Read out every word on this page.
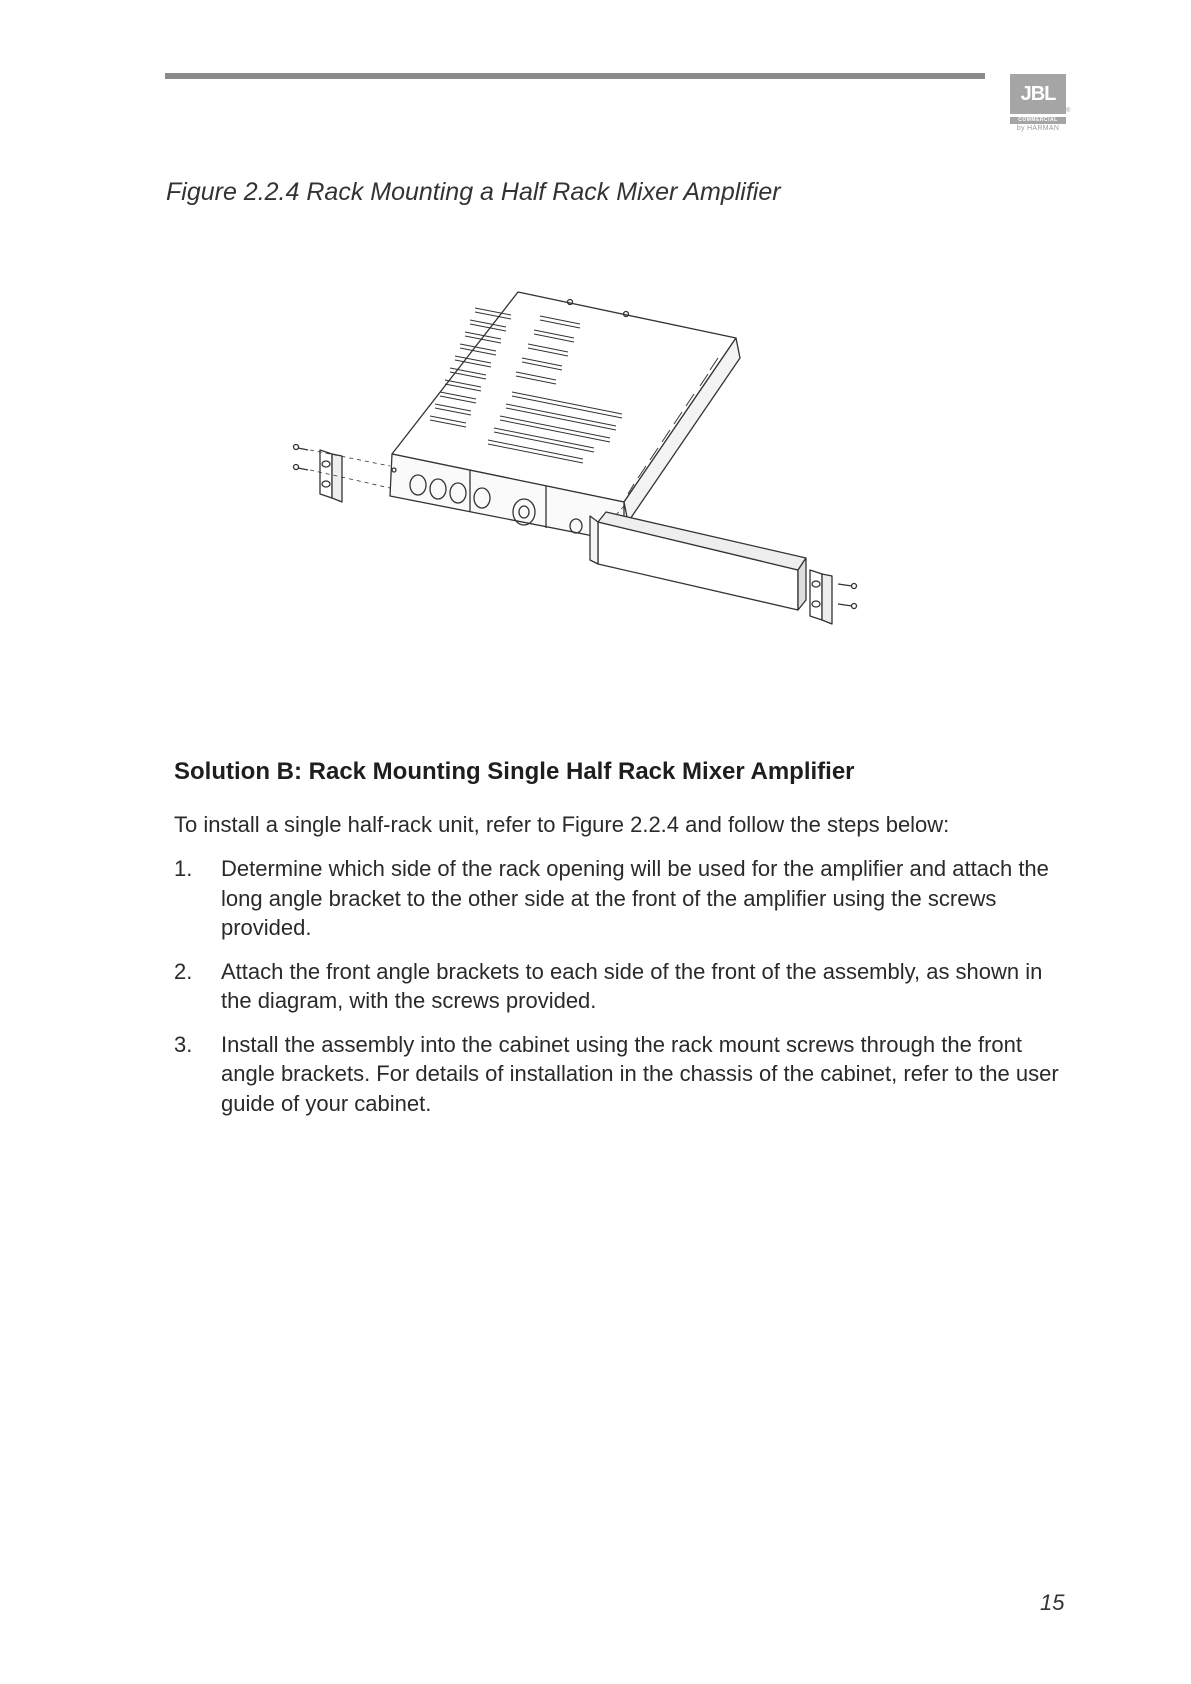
JBL
COMMERCIAL
by HARMAN
®
Figure 2.2.4 Rack Mounting a Half Rack Mixer Amplifier
Solution B: Rack Mounting Single Half Rack Mixer Amplifier
To install a single half-rack unit, refer to Figure 2.2.4 and follow the steps below:
1. Determine which side of the rack opening will be used for the amplifier and attach the long angle bracket to the other side at the front of the amplifier using the screws provided.
2. Attach the front angle brackets to each side of the front of the assembly, as shown in the diagram, with the screws provided.
3. Install the assembly into the cabinet using the rack mount screws through the front angle brackets. For details of installation in the chassis of the cabinet, refer to the user guide of your cabinet.
15
